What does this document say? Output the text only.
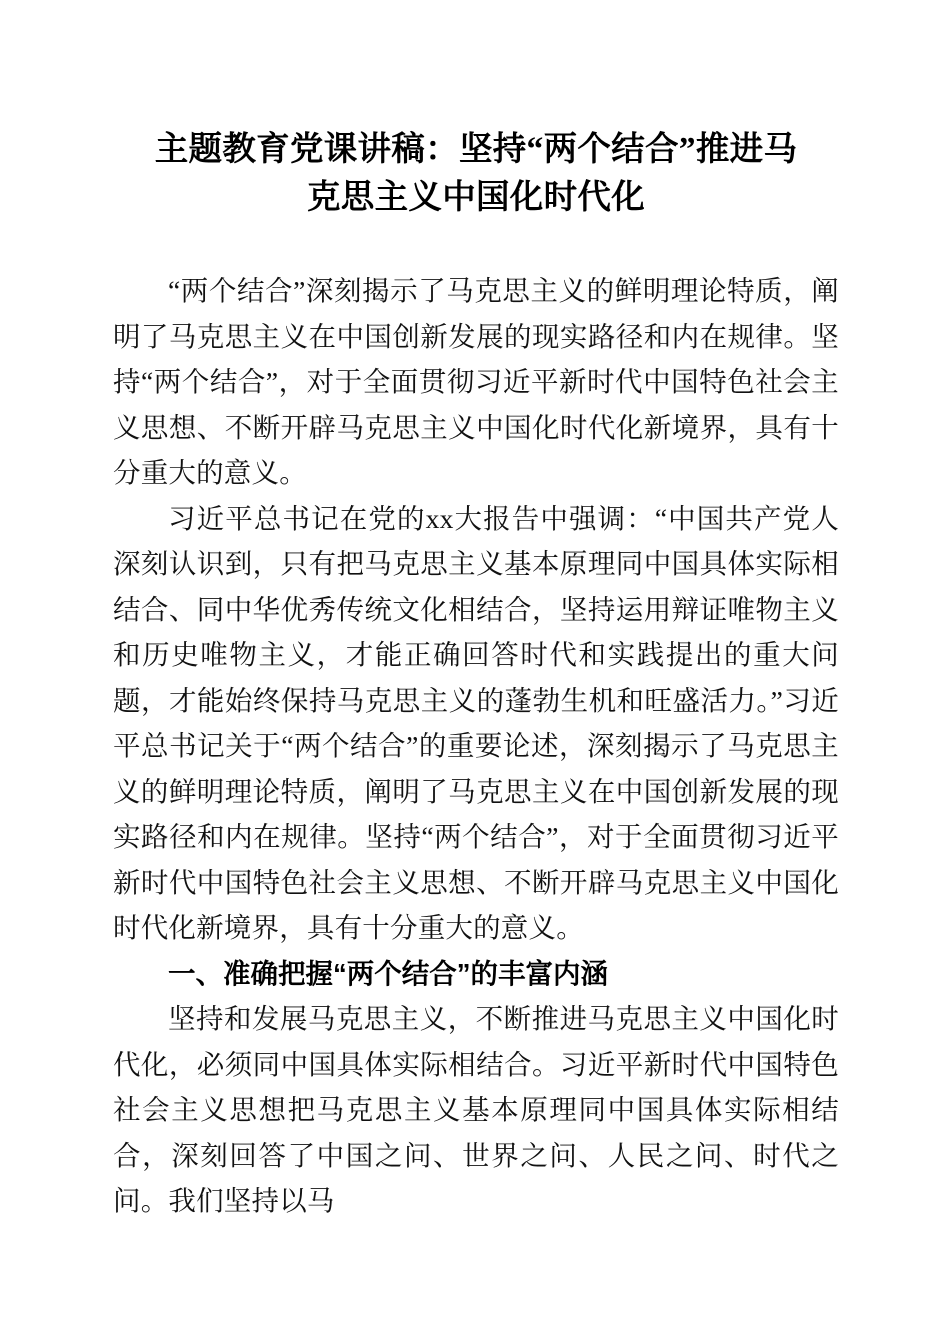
主题教育党课讲稿：坚持“两个结合”推进马
克思主义中国化时代化

“两个结合”深刻揭示了马克思主义的鲜明理论特质，阐明了马克思主义在中国创新发展的现实路径和内在规律。坚持“两个结合”，对于全面贯彻习近平新时代中国特色社会主义思想、不断开辟马克思主义中国化时代化新境界，具有十分重大的意义。

习近平总书记在党的xx大报告中强调：“中国共产党人深刻认识到，只有把马克思主义基本原理同中国具体实际相结合、同中华优秀传统文化相结合，坚持运用辩证唯物主义和历史唯物主义，才能正确回答时代和实践提出的重大问题，才能始终保持马克思主义的蓬勃生机和旺盛活力。”习近平总书记关于“两个结合”的重要论述，深刻揭示了马克思主义的鲜明理论特质，阐明了马克思主义在中国创新发展的现实路径和内在规律。坚持“两个结合”，对于全面贯彻习近平新时代中国特色社会主义思想、不断开辟马克思主义中国化时代化新境界，具有十分重大的意义。

一、准确把握“两个结合”的丰富内涵

坚持和发展马克思主义，不断推进马克思主义中国化时代化，必须同中国具体实际相结合。习近平新时代中国特色社会主义思想把马克思主义基本原理同中国具体实际相结合，深刻回答了中国之问、世界之问、人民之问、时代之问。我们坚持以马
